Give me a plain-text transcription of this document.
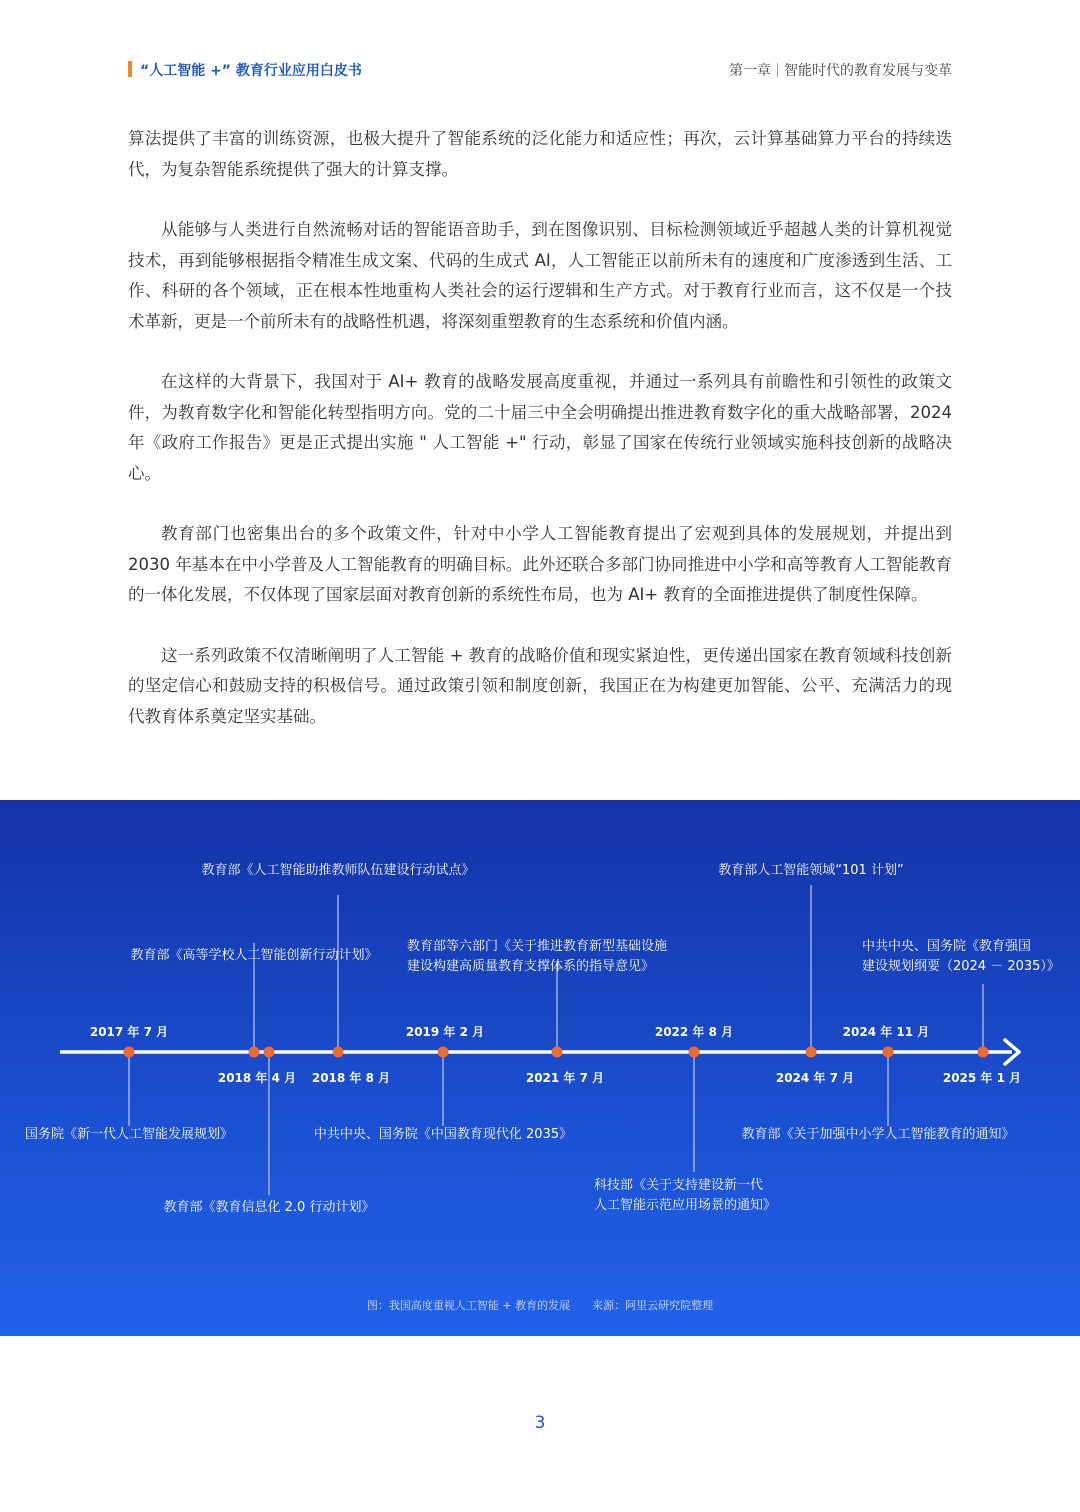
“人工智能 +” 教育行业应用白皮书	第一章 智能时代的教育发展与变革

算法提供了丰富的训练资源，也极大提升了智能系统的泛化能力和适应性；再次，云计算基础算力平台的持续迭代，为复杂智能系统提供了强大的计算支撑。

从能够与人类进行自然流畅对话的智能语音助手，到在图像识别、目标检测领域近乎超越人类的计算机视觉技术，再到能够根据指令精准生成文案、代码的生成式 AI，人工智能正以前所未有的速度和广度渗透到生活、工作、科研的各个领域，正在根本性地重构人类社会的运行逻辑和生产方式。对于教育行业而言，这不仅是一个技术革新，更是一个前所未有的战略性机遇，将深刻重塑教育的生态系统和价值内涵。

在这样的大背景下，我国对于 AI+ 教育的战略发展高度重视，并通过一系列具有前瞻性和引领性的政策文件，为教育数字化和智能化转型指明方向。党的二十届三中全会明确提出推进教育数字化的重大战略部署，2024 年《政府工作报告》更是正式提出实施 " 人工智能 +" 行动，彰显了国家在传统行业领域实施科技创新的战略决心。

教育部门也密集出台的多个政策文件，针对中小学人工智能教育提出了宏观到具体的发展规划，并提出到 2030 年基本在中小学普及人工智能教育的明确目标。此外还联合多部门协同推进中小学和高等教育人工智能教育的一体化发展，不仅体现了国家层面对教育创新的系统性布局，也为 AI+ 教育的全面推进提供了制度性保障。

这一系列政策不仅清晰阐明了人工智能 + 教育的战略价值和现实紧迫性，更传递出国家在教育领域科技创新的坚定信心和鼓励支持的积极信号。通过政策引领和制度创新，我国正在为构建更加智能、公平、充满活力的现代教育体系奠定坚实基础。

2017 年 7 月
国务院《新一代人工智能发展规划》
2018 年 4 月
教育部《高等学校人工智能创新行动计划》
教育部《教育信息化 2.0 行动计划》
2018 年 8 月
教育部《人工智能助推教师队伍建设行动试点》
2019 年 2 月
中共中央、国务院《中国教育现代化 2035》
2021 年 7 月
教育部等六部门《关于推进教育新型基础设施
建设构建高质量教育支撑体系的指导意见》
2022 年 8 月
科技部《关于支持建设新一代
人工智能示范应用场景的通知》
2024 年 7 月
教育部人工智能领域“101 计划”
2024 年 11 月
教育部《关于加强中小学人工智能教育的通知》
2025 年 1 月
中共中央、国务院《教育强国
建设规划纲要（2024 － 2035）》
图：我国高度重视人工智能 + 教育的发展　　来源：阿里云研究院整理
3
